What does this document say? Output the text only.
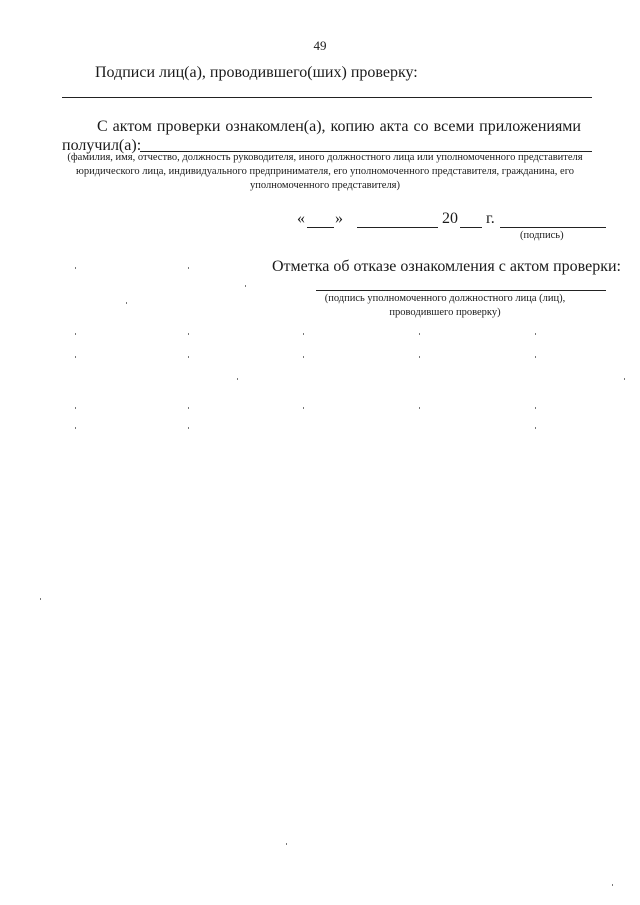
49
Подписи лиц(а), проводившего(ших) проверку:
С актом проверки ознакомлен(а), копию акта со всеми приложениями
получил(а):
(фамилия, имя, отчество, должность руководителя, иного должностного лица или уполномоченного представителя юридического лица, индивидуального предпринимателя, его уполномоченного представителя, гражданина, его уполномоченного представителя)
« »	20 г.
(подпись)
Отметка об отказе ознакомления с актом проверки:
(подпись уполномоченного должностного лица (лиц), проводившего проверку)
